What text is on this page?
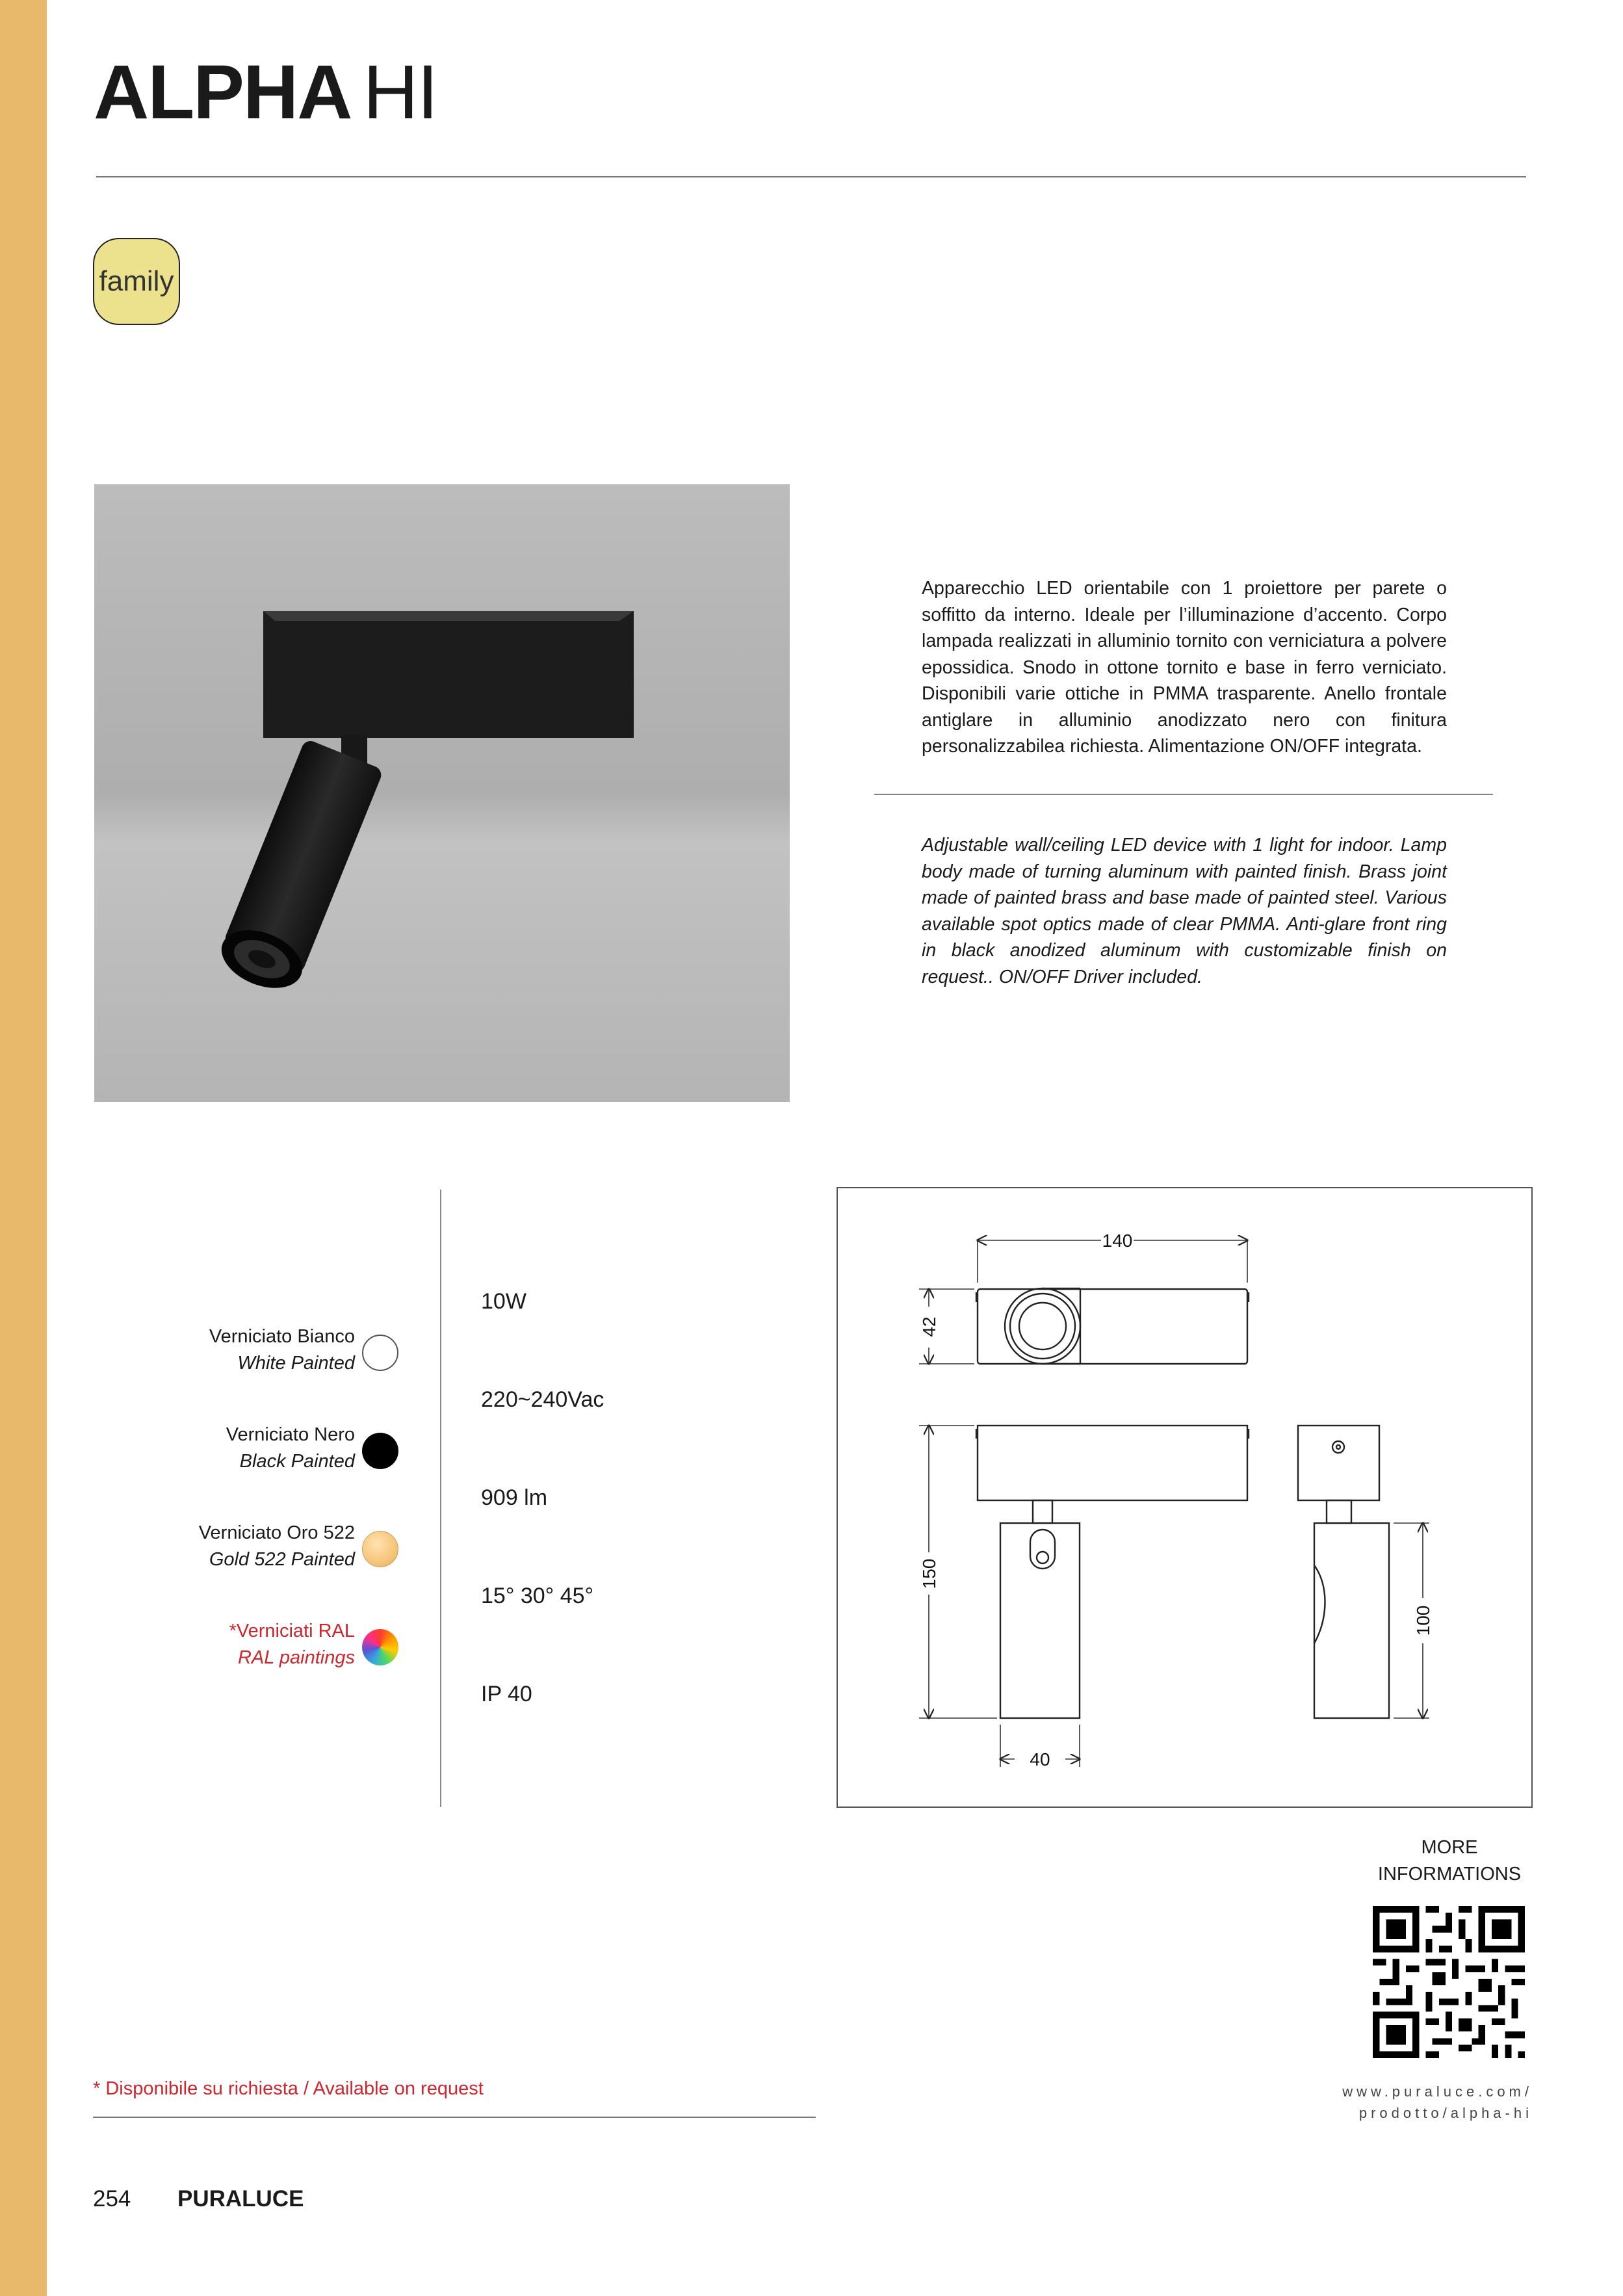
ALPHA HI
family
Apparecchio LED orientabile con 1 proiettore per parete o soffitto da interno. Ideale per l’illuminazione d’accento. Corpo lampada realizzati in alluminio tornito con verniciatura a polvere epossidica. Snodo in ottone tornito e base in ferro verniciato. Disponibili varie ottiche in PMMA trasparente. Anello frontale antiglare in alluminio anodizzato nero con finitura personalizzabilea richiesta. Alimentazione ON/OFF integrata.
Adjustable wall/ceiling LED device with 1 light for indoor. Lamp body made of turning aluminum with painted finish. Brass joint made of painted brass and base made of painted steel. Various available spot optics made of clear PMMA. Anti-glare front ring in black anodized aluminum with customizable finish on request.. ON/OFF Driver included.
Verniciato Bianco
White Painted
Verniciato Nero
Black Painted
Verniciato Oro 522
Gold 522 Painted
*Verniciati RAL
RAL paintings
10W
220~240Vac
909 lm
15° 30° 45°
IP 40
140
42
150
100
40
MORE
INFORMATIONS
www.puraluce.com/
prodotto/alpha-hi
* Disponibile su richiesta / Available on request
254 PURALUCE
